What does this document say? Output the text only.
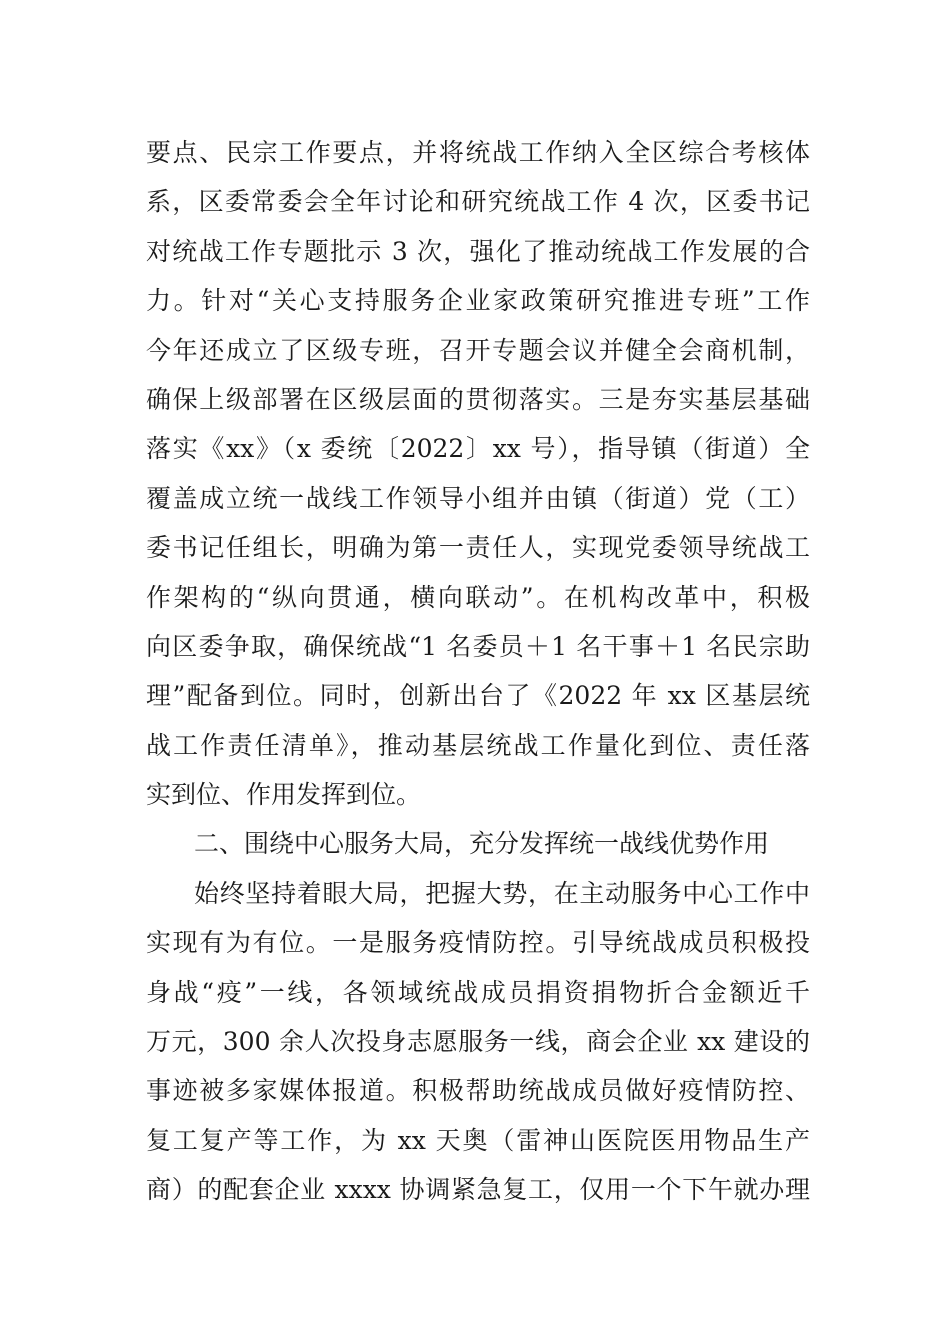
要点、民宗工作要点，并将统战工作纳入全区综合考核体
系，区委常委会全年讨论和研究统战工作 4 次，区委书记
对统战工作专题批示 3 次，强化了推动统战工作发展的合
力。针对“关心支持服务企业家政策研究推进专班”工作
今年还成立了区级专班，召开专题会议并健全会商机制，
确保上级部署在区级层面的贯彻落实。三是夯实基层基础
落实《xx》（x 委统〔2022〕xx 号），指导镇（街道）全
覆盖成立统一战线工作领导小组并由镇（街道）党（工）
委书记任组长，明确为第一责任人，实现党委领导统战工
作架构的“纵向贯通，横向联动”。在机构改革中，积极
向区委争取，确保统战“1 名委员＋1 名干事＋1 名民宗助
理”配备到位。同时，创新出台了《2022 年 xx 区基层统
战工作责任清单》，推动基层统战工作量化到位、责任落
实到位、作用发挥到位。
二、围绕中心服务大局，充分发挥统一战线优势作用
始终坚持着眼大局，把握大势，在主动服务中心工作中
实现有为有位。一是服务疫情防控。引导统战成员积极投
身战“疫”一线，各领域统战成员捐资捐物折合金额近千
万元，300 余人次投身志愿服务一线，商会企业 xx 建设的
事迹被多家媒体报道。积极帮助统战成员做好疫情防控、
复工复产等工作，为 xx 天奥（雷神山医院医用物品生产
商）的配套企业 xxxx 协调紧急复工，仅用一个下午就办理
